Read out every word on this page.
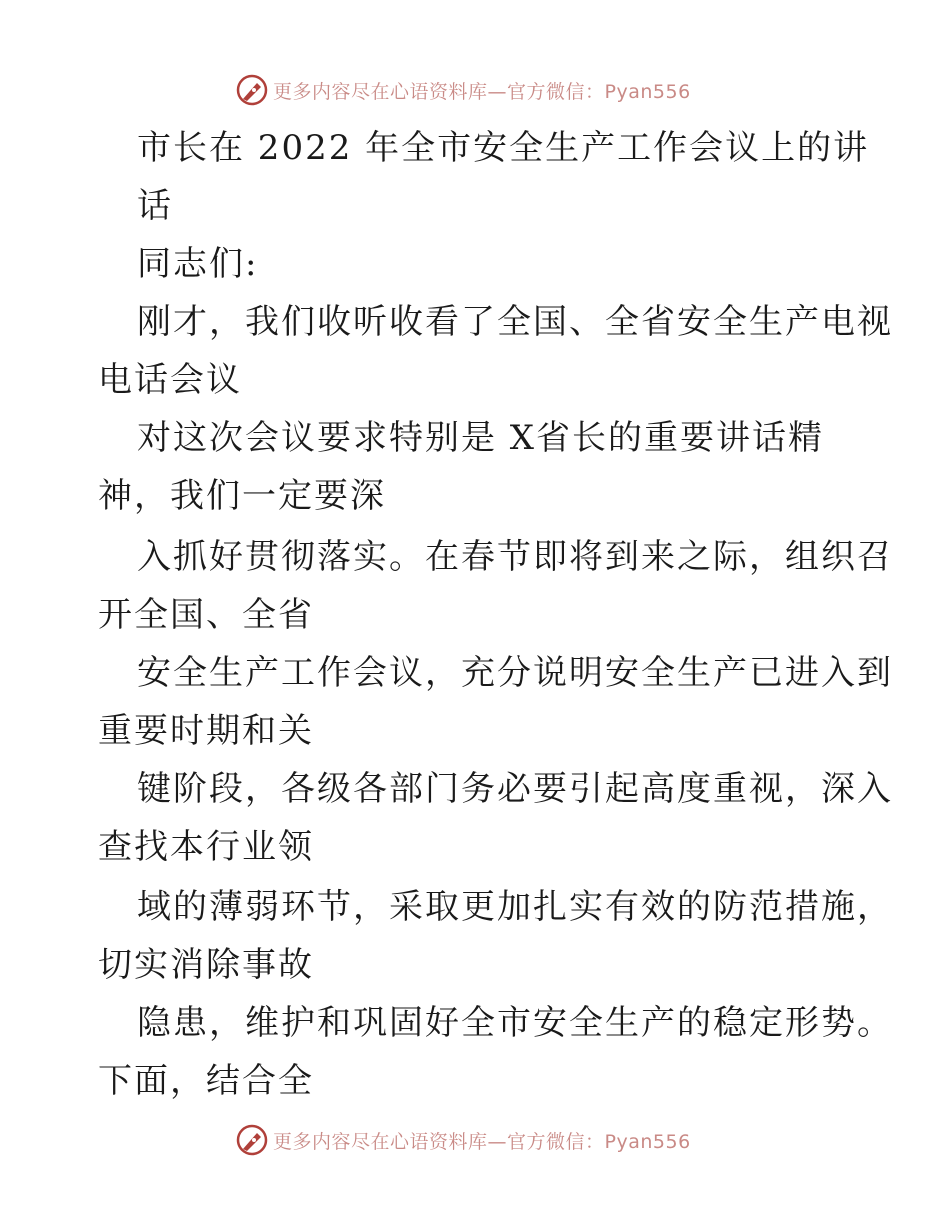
更多内容尽在心语资料库—官方微信：Pyan556
市长在 2022 年全市安全生产工作会议上的讲
话
同志们:
刚才，我们收听收看了全国、全省安全生产电视
电话会议
对这次会议要求特别是 X省长的重要讲话精
神，我们一定要深
入抓好贯彻落实。在春节即将到来之际，组织召
开全国、全省
安全生产工作会议，充分说明安全生产已进入到
重要时期和关
键阶段，各级各部门务必要引起高度重视，深入
查找本行业领
域的薄弱环节，采取更加扎实有效的防范措施，
切实消除事故
隐患，维护和巩固好全市安全生产的稳定形势。
下面，结合全
更多内容尽在心语资料库—官方微信：Pyan556
